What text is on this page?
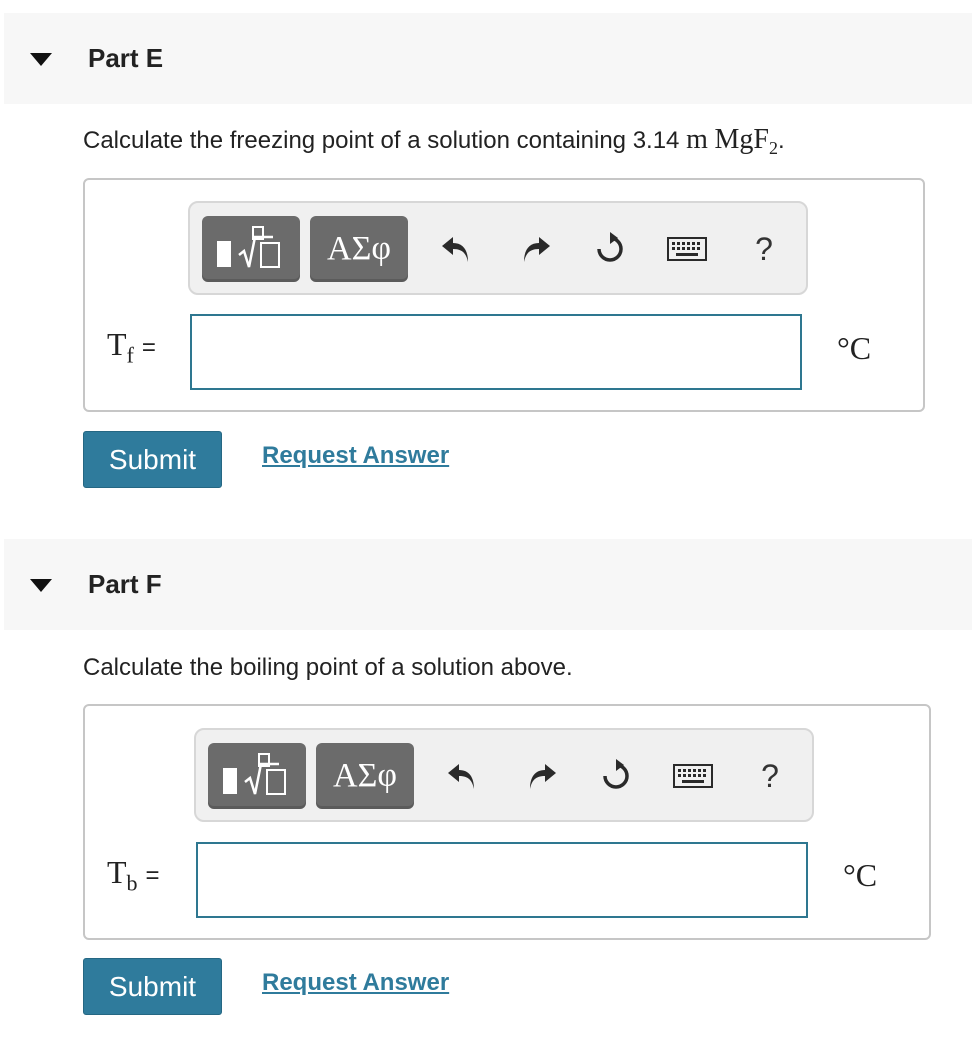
Part E
Calculate the freezing point of a solution containing 3.14 m MgF$_2$.
ΑΣφ	?
$T_f$ =	°C
Submit	Request Answer
Part F
Calculate the boiling point of a solution above.
ΑΣφ	?
$T_b$ =	°C
Submit	Request Answer
